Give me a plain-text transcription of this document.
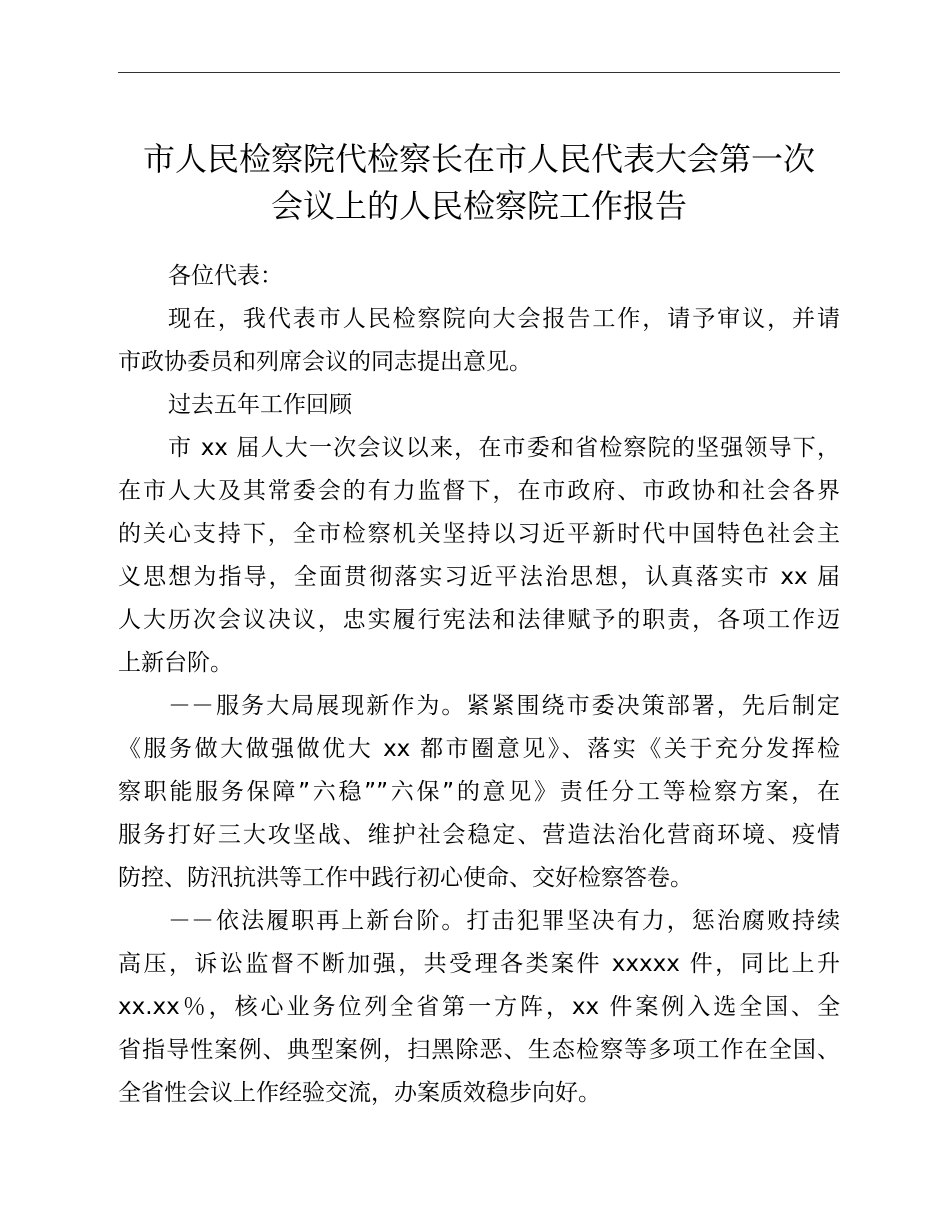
市人民检察院代检察长在市人民代表大会第一次
会议上的人民检察院工作报告
各位代表：
现在，我代表市人民检察院向大会报告工作，请予审议，并请
市政协委员和列席会议的同志提出意见。
过去五年工作回顾
市 xx 届人大一次会议以来，在市委和省检察院的坚强领导下，
在市人大及其常委会的有力监督下，在市政府、市政协和社会各界
的关心支持下，全市检察机关坚持以习近平新时代中国特色社会主
义思想为指导，全面贯彻落实习近平法治思想，认真落实市 xx 届
人大历次会议决议，忠实履行宪法和法律赋予的职责，各项工作迈
上新台阶。
－－服务大局展现新作为。紧紧围绕市委决策部署，先后制定
《服务做大做强做优大 xx 都市圈意见》、落实《关于充分发挥检
察职能服务保障”六稳””六保”的意见》责任分工等检察方案，在
服务打好三大攻坚战、维护社会稳定、营造法治化营商环境、疫情
防控、防汛抗洪等工作中践行初心使命、交好检察答卷。
－－依法履职再上新台阶。打击犯罪坚决有力，惩治腐败持续
高压，诉讼监督不断加强，共受理各类案件 xxxxx 件，同比上升
xx.xx％，核心业务位列全省第一方阵，xx 件案例入选全国、全
省指导性案例、典型案例，扫黑除恶、生态检察等多项工作在全国、
全省性会议上作经验交流，办案质效稳步向好。
